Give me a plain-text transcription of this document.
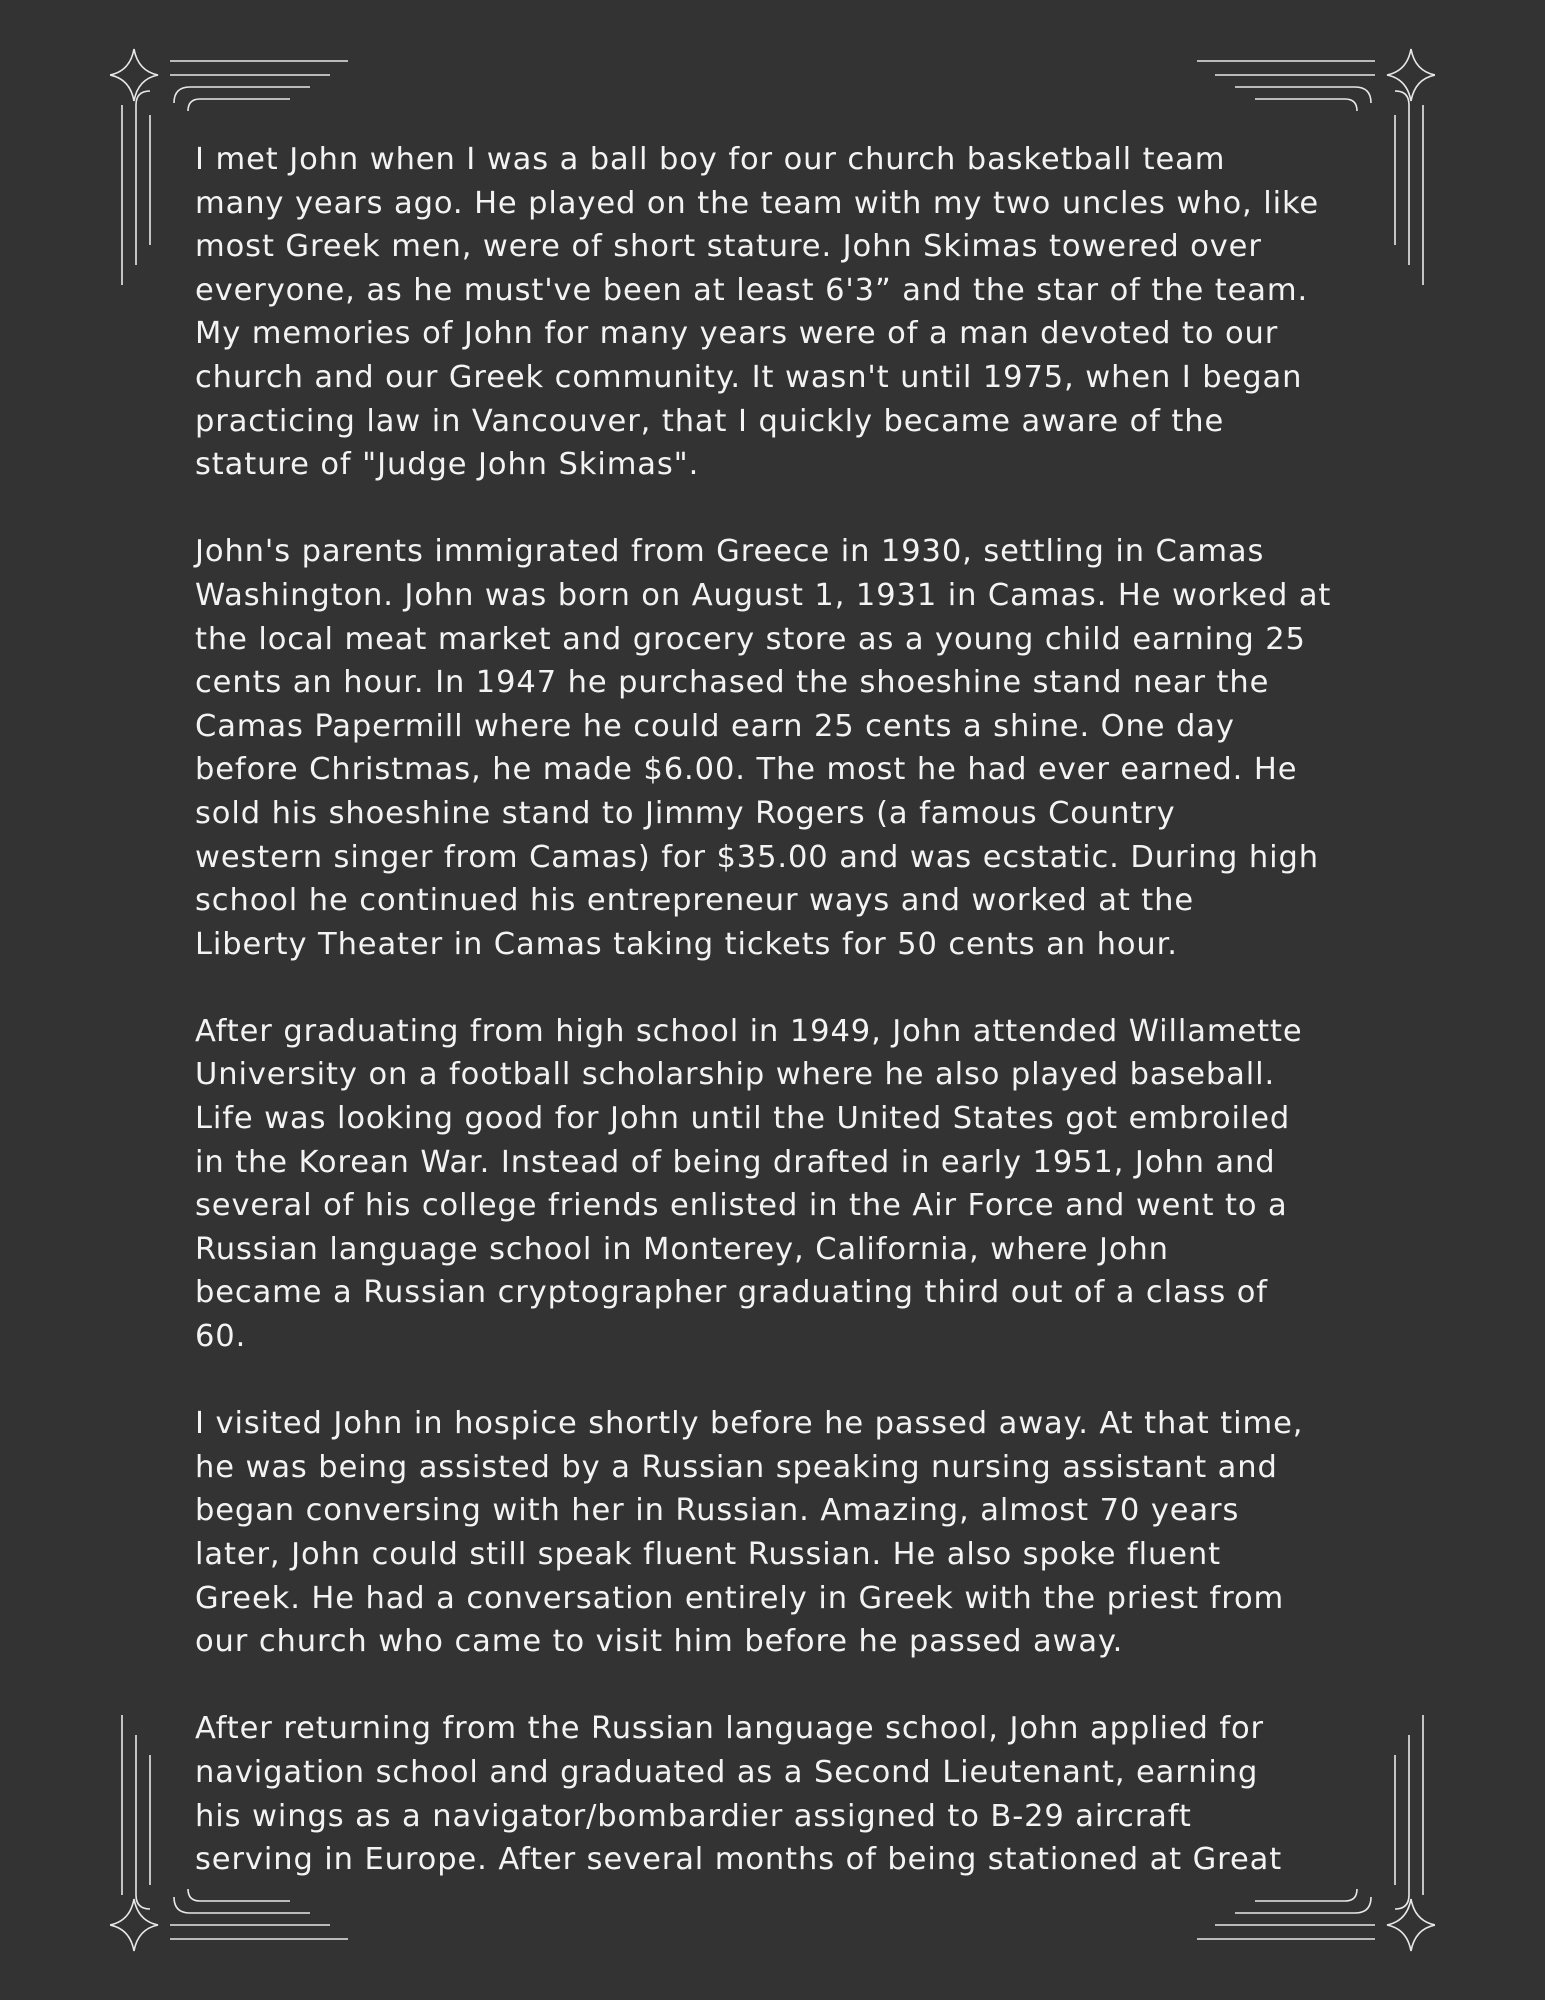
I met John when I was a ball boy for our church basketball team
many years ago. He played on the team with my two uncles who, like
most Greek men, were of short stature. John Skimas towered over
everyone, as he must've been at least 6'3” and the star of the team.
My memories of John for many years were of a man devoted to our
church and our Greek community. It wasn't until 1975, when I began
practicing law in Vancouver, that I quickly became aware of the
stature of "Judge John Skimas".

John's parents immigrated from Greece in 1930, settling in Camas
Washington. John was born on August 1, 1931 in Camas. He worked at
the local meat market and grocery store as a young child earning 25
cents an hour. In 1947 he purchased the shoeshine stand near the
Camas Papermill where he could earn 25 cents a shine. One day
before Christmas, he made $6.00. The most he had ever earned. He
sold his shoeshine stand to Jimmy Rogers (a famous Country
western singer from Camas) for $35.00 and was ecstatic. During high
school he continued his entrepreneur ways and worked at the
Liberty Theater in Camas taking tickets for 50 cents an hour.

After graduating from high school in 1949, John attended Willamette
University on a football scholarship where he also played baseball.
Life was looking good for John until the United States got embroiled
in the Korean War. Instead of being drafted in early 1951, John and
several of his college friends enlisted in the Air Force and went to a
Russian language school in Monterey, California, where John
became a Russian cryptographer graduating third out of a class of
60.

I visited John in hospice shortly before he passed away. At that time,
he was being assisted by a Russian speaking nursing assistant and
began conversing with her in Russian. Amazing, almost 70 years
later, John could still speak fluent Russian. He also spoke fluent
Greek. He had a conversation entirely in Greek with the priest from
our church who came to visit him before he passed away.

After returning from the Russian language school, John applied for
navigation school and graduated as a Second Lieutenant, earning
his wings as a navigator/bombardier assigned to B-29 aircraft
serving in Europe. After several months of being stationed at Great
